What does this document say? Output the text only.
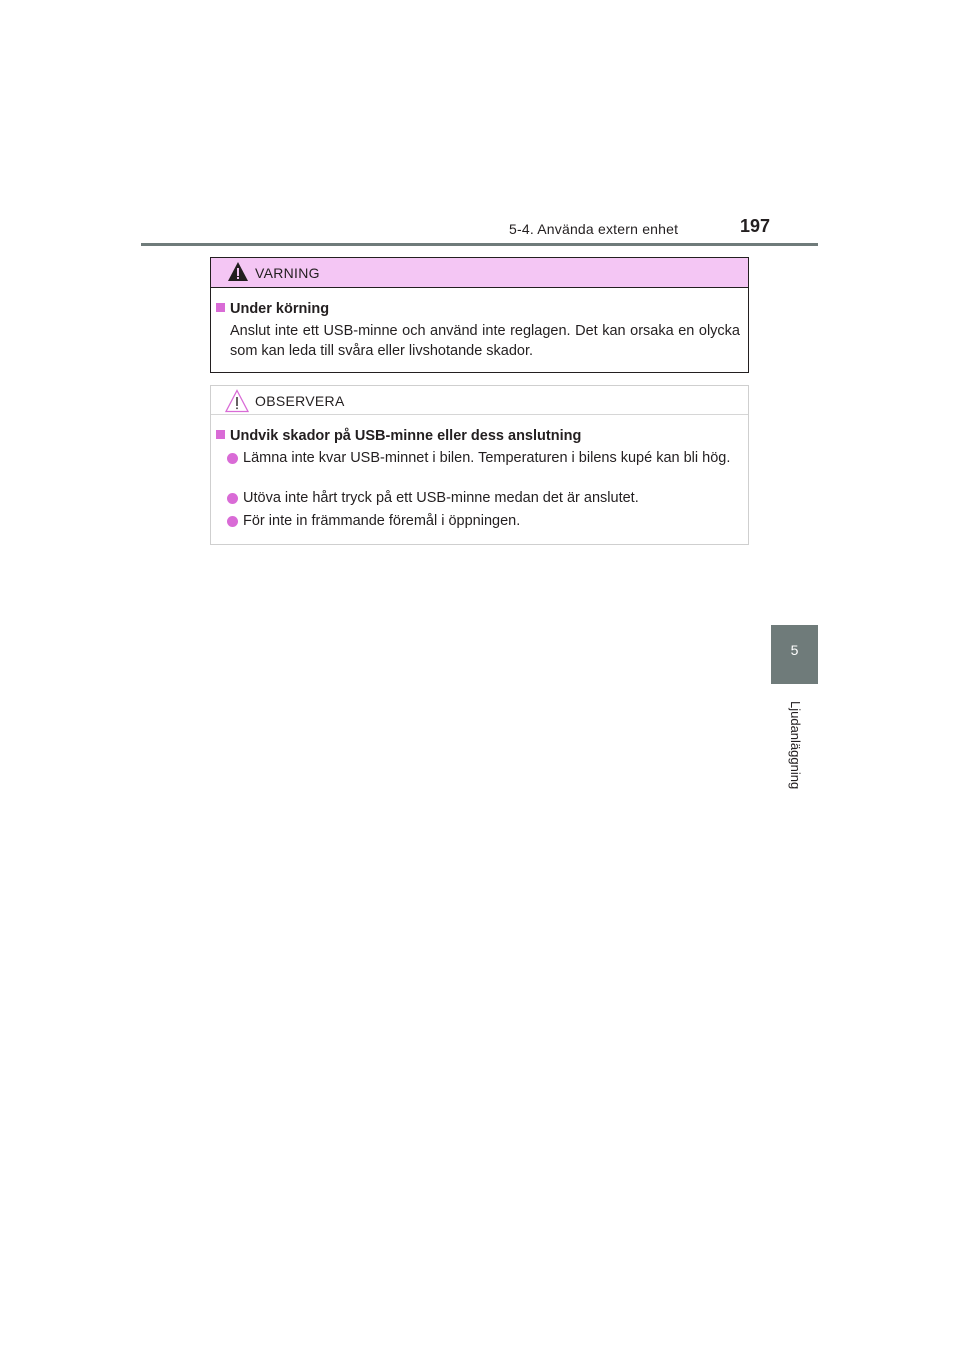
5-4. Använda extern enhet	197
5
Ljudanläggning
VARNING
Under körning
Anslut inte ett USB-minne och använd inte reglagen. Det kan orsaka en olycka som kan leda till svåra eller livshotande skador.
OBSERVERA
Undvik skador på USB-minne eller dess anslutning
Lämna inte kvar USB-minnet i bilen. Temperaturen i bilens kupé kan bli hög.
Utöva inte hårt tryck på ett USB-minne medan det är anslutet.
För inte in främmande föremål i öppningen.
